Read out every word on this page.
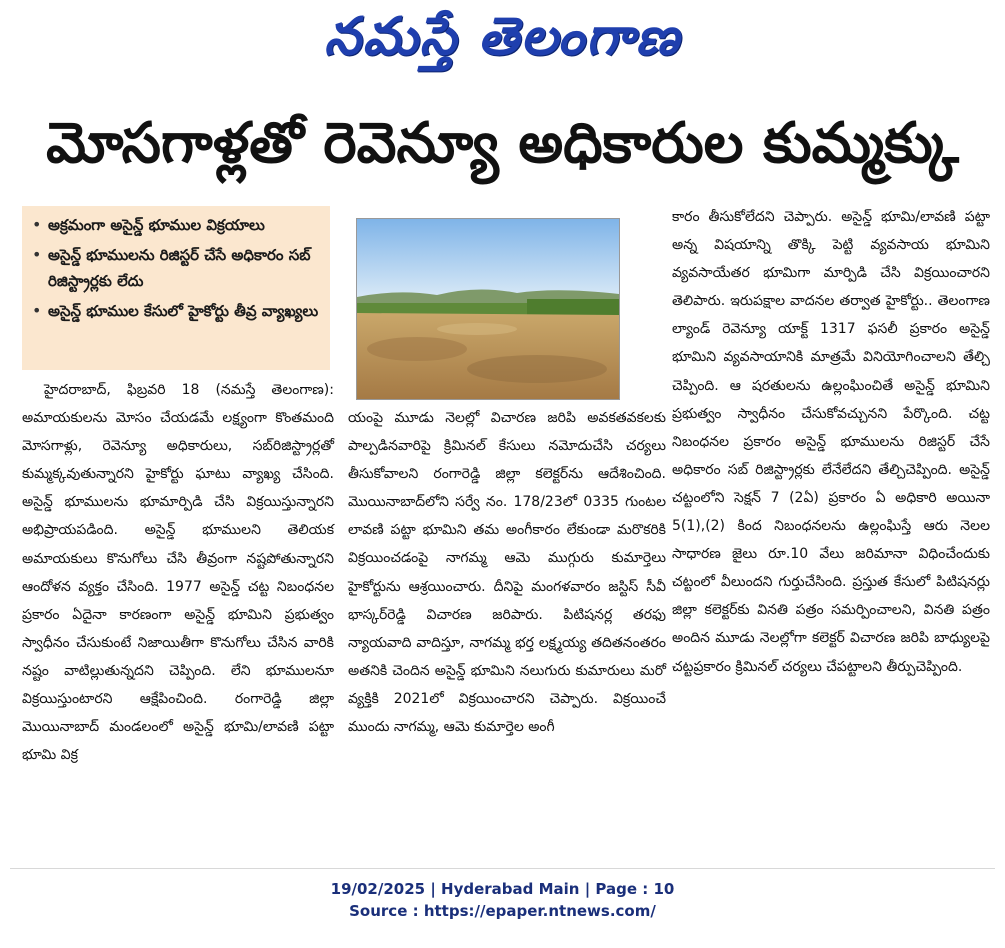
నమస్తే తెలంగాణ
మోసగాళ్లతో రెవెన్యూ అధికారుల కుమ్మక్కు
• అక్రమంగా అసైన్డ్ భూముల విక్రయాలు
• అసైన్డ్ భూములను రిజిస్టర్ చేసే అధికారం సబ్ రిజిస్ట్రార్లకు లేదు
• అసైన్డ్ భూముల కేసులో హైకోర్టు తీవ్ర వ్యాఖ్యలు

హైదరాబాద్, ఫిబ్రవరి 18 (నమస్తే తెలంగాణ): అమాయకులను మోసం చేయడమే లక్ష్యంగా కొంతమంది మోసగాళ్లు, రెవెన్యూ అధికారులు, సబ్‌రిజిస్ట్రార్లతో కుమ్మక్కవుతున్నారని హైకోర్టు ఘాటు వ్యాఖ్య చేసింది. అసైన్డ్ భూములను భూమార్పిడి చేసి విక్రయిస్తున్నారని అభిప్రాయపడింది. అసైన్డ్ భూములని తెలియక అమాయకులు కొనుగోలు చేసి తీవ్రంగా నష్టపోతున్నారని ఆందోళన వ్యక్తం చేసింది. 1977 అసైన్డ్ చట్ట నిబంధనల ప్రకారం ఏదైనా కారణంగా అసైన్డ్ భూమిని ప్రభుత్వం స్వాధీనం చేసుకుంటే నిజాయితీగా కొనుగోలు చేసిన వారికి నష్టం వాటిల్లుతున్నదని చెప్పింది. లేని భూములనూ విక్రయిస్తుంటారని ఆక్షేపించింది. రంగారెడ్డి జిల్లా మొయినాబాద్ మండలంలో అసైన్డ్ భూమి/లావణి పట్టా భూమి విక్ర

యంపై మూడు నెలల్లో విచారణ జరిపి అవకతవకలకు పాల్పడినవారిపై క్రిమినల్ కేసులు నమోదుచేసి చర్యలు తీసుకోవాలని రంగారెడ్డి జిల్లా కలెక్టర్‌ను ఆదేశించింది. మొయినాబాద్‌లోని సర్వే నం. 178/23లో 0335 గుంటల లావణి పట్టా భూమిని తమ అంగీకారం లేకుండా మరొకరికి విక్రయించడంపై నాగమ్మ ఆమె ముగ్గురు కుమార్తెలు హైకోర్టును ఆశ్రయించారు. దీనిపై మంగళవారం జస్టిస్ సీవీ భాస్కర్‌రెడ్డి విచారణ జరిపారు. పిటిషనర్ల తరఫు న్యాయవాది వాదిస్తూ, నాగమ్మ భర్త లక్ష్మయ్య తదితనంతరం అతనికి చెందిన అసైన్డ్ భూమిని నలుగురు కుమారులు మరో వ్యక్తికి 2021లో విక్రయించారని చెప్పారు. విక్రయించే ముందు నాగమ్మ, ఆమె కుమార్తెల అంగీ

కారం తీసుకోలేదని చెప్పారు. అసైన్డ్ భూమి/లావణి పట్టా అన్న విషయాన్ని తొక్కి పెట్టి వ్యవసాయ భూమిని వ్యవసాయేతర భూమిగా మార్పిడి చేసి విక్రయించారని తెలిపారు. ఇరుపక్షాల వాదనల తర్వాత హైకోర్టు.. తెలంగాణ ల్యాండ్ రెవెన్యూ యాక్ట్ 1317 ఫసలీ ప్రకారం అసైన్డ్ భూమిని వ్యవసాయానికి మాత్రమే వినియోగించాలని తేల్చి చెప్పింది. ఆ షరతులను ఉల్లంఘించితే అసైన్డ్ భూమిని ప్రభుత్వం స్వాధీనం చేసుకోవచ్చునని పేర్కొంది. చట్ట నిబంధనల ప్రకారం అసైన్డ్ భూములను రిజిస్టర్ చేసే అధికారం సబ్ రిజిస్ట్రార్లకు లేనేలేదని తేల్చిచెప్పింది. అసైన్డ్ చట్టంలోని సెక్షన్ 7 (2ఏ) ప్రకారం ఏ అధికారి అయినా 5(1),(2) కింద నిబంధనలను ఉల్లంఘిస్తే ఆరు నెలల సాధారణ జైలు రూ.10 వేలు జరిమానా విధించేందుకు చట్టంలో వీలుందని గుర్తుచేసింది. ప్రస్తుత కేసులో పిటిషనర్లు జిల్లా కలెక్టర్‌కు వినతి పత్రం సమర్పించాలని, వినతి పత్రం అందిన మూడు నెలల్లోగా కలెక్టర్ విచారణ జరిపి బాధ్యులపై చట్టప్రకారం క్రిమినల్ చర్యలు చేపట్టాలని తీర్పుచెప్పింది.

19/02/2025 | Hyderabad Main | Page : 10
Source : https://epaper.ntnews.com/
